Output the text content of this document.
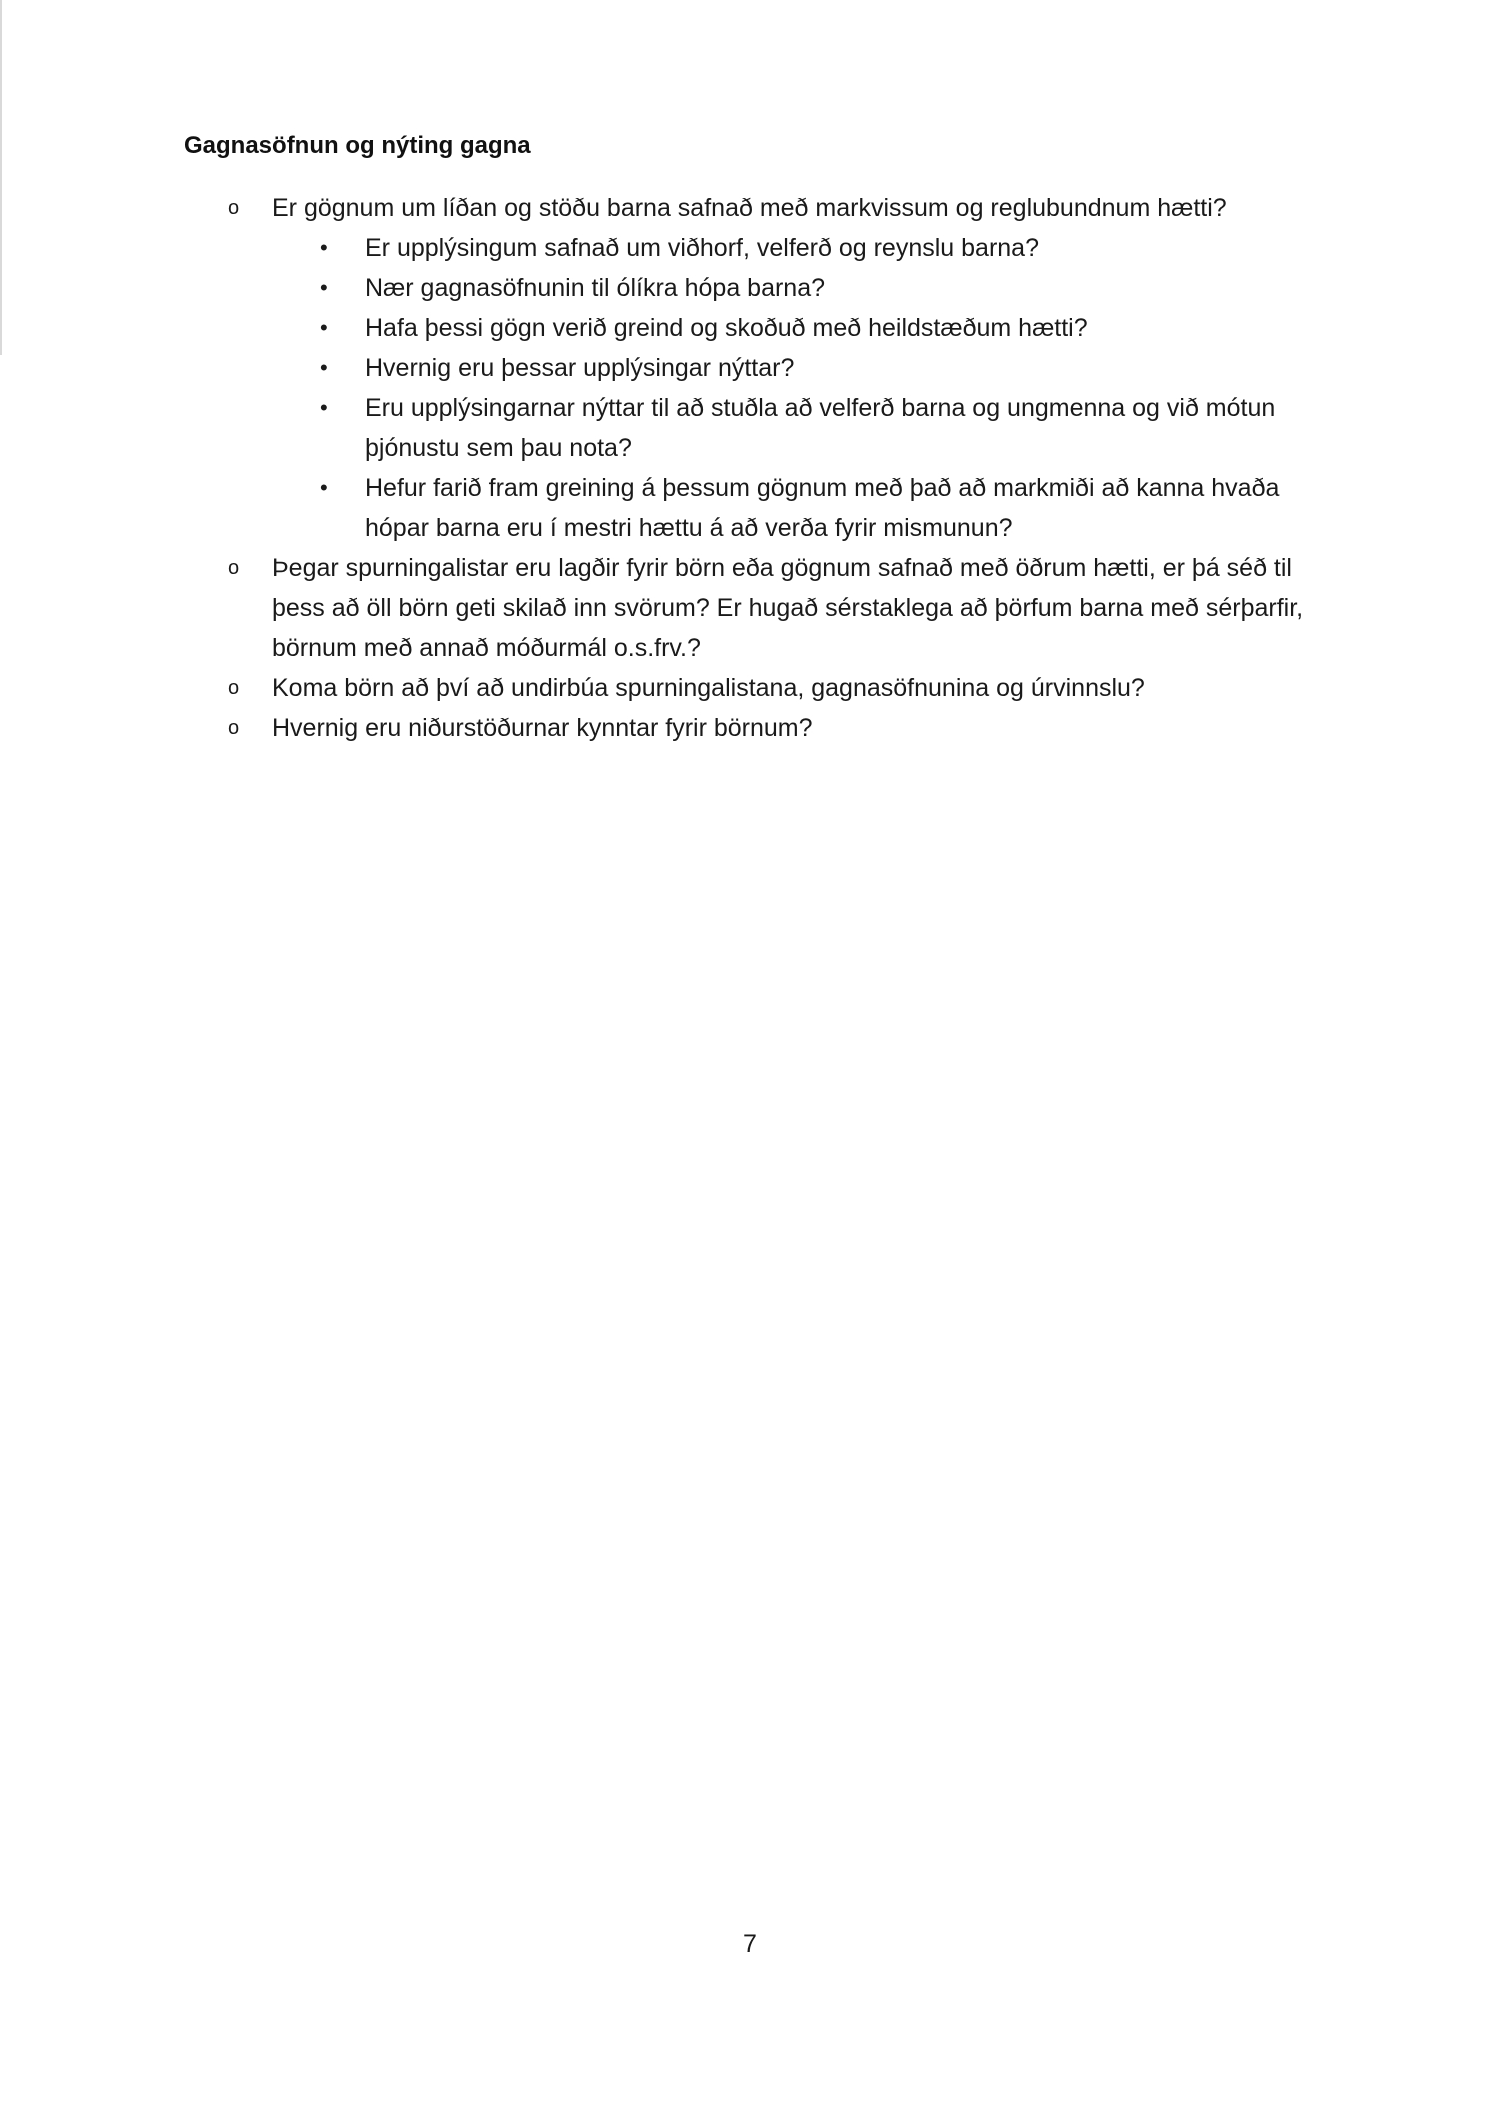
Gagnasöfnun og nýting gagna
o Er gögnum um líðan og stöðu barna safnað með markvissum og reglubundnum hætti?
• Er upplýsingum safnað um viðhorf, velferð og reynslu barna?
• Nær gagnasöfnunin til ólíkra hópa barna?
• Hafa þessi gögn verið greind og skoðuð með heildstæðum hætti?
• Hvernig eru þessar upplýsingar nýttar?
• Eru upplýsingarnar nýttar til að stuðla að velferð barna og ungmenna og við mótun þjónustu sem þau nota?
• Hefur farið fram greining á þessum gögnum með það að markmiði að kanna hvaða hópar barna eru í mestri hættu á að verða fyrir mismunun?
o Þegar spurningalistar eru lagðir fyrir börn eða gögnum safnað með öðrum hætti, er þá séð til þess að öll börn geti skilað inn svörum? Er hugað sérstaklega að þörfum barna með sérþarfir, börnum með annað móðurmál o.s.frv.?
o Koma börn að því að undirbúa spurningalistana, gagnasöfnunina og úrvinnslu?
o Hvernig eru niðurstöðurnar kynntar fyrir börnum?
7
